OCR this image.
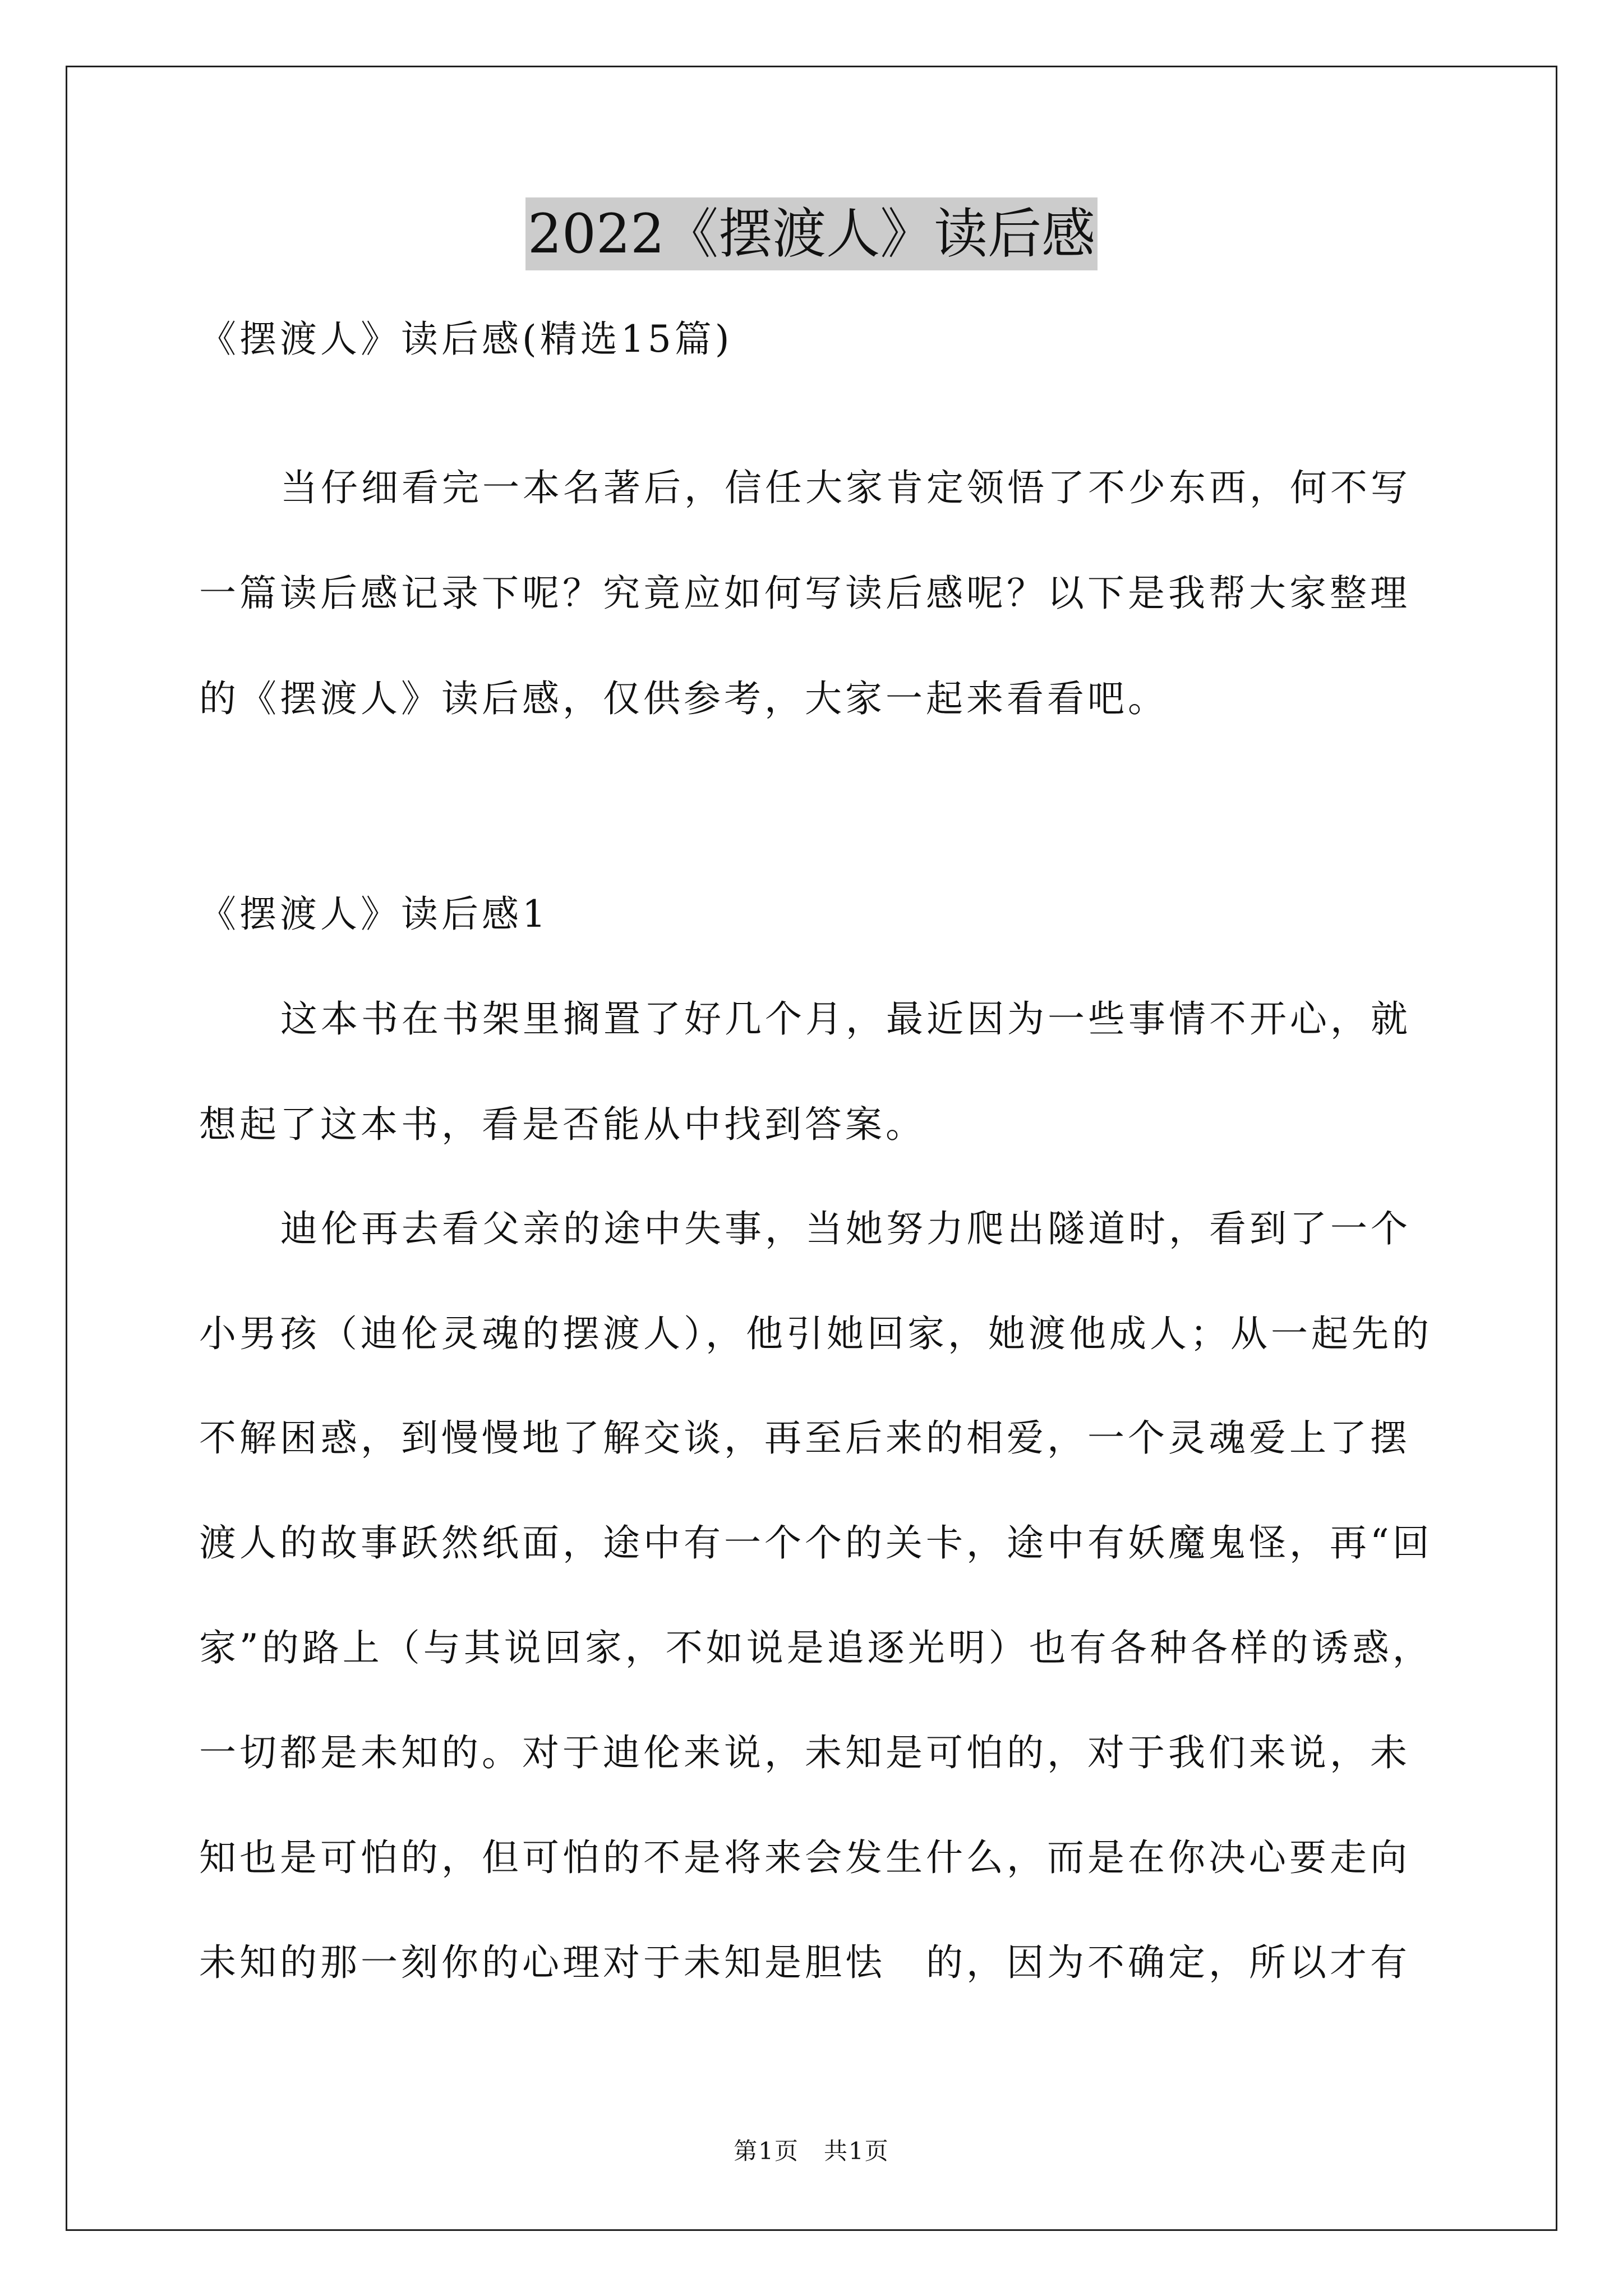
2022《摆渡人》读后感
《摆渡人》读后感(精选15篇)
当仔细看完一本名著后，信任大家肯定领悟了不少东西，何不写
一篇读后感记录下呢？究竟应如何写读后感呢？以下是我帮大家整理
的《摆渡人》读后感，仅供参考，大家一起来看看吧。
《摆渡人》读后感1
这本书在书架里搁置了好几个月，最近因为一些事情不开心，就
想起了这本书，看是否能从中找到答案。
迪伦再去看父亲的途中失事，当她努力爬出隧道时，看到了一个
小男孩（迪伦灵魂的摆渡人），他引她回家，她渡他成人；从一起先的
不解困惑，到慢慢地了解交谈，再至后来的相爱，一个灵魂爱上了摆
渡人的故事跃然纸面，途中有一个个的关卡，途中有妖魔鬼怪，再“回
家”的路上（与其说回家，不如说是追逐光明）也有各种各样的诱惑，
一切都是未知的。对于迪伦来说，未知是可怕的，对于我们来说，未
知也是可怕的，但可怕的不是将来会发生什么，而是在你决心要走向
未知的那一刻你的心理对于未知是胆怯　的，因为不确定，所以才有
第1页　共1页
